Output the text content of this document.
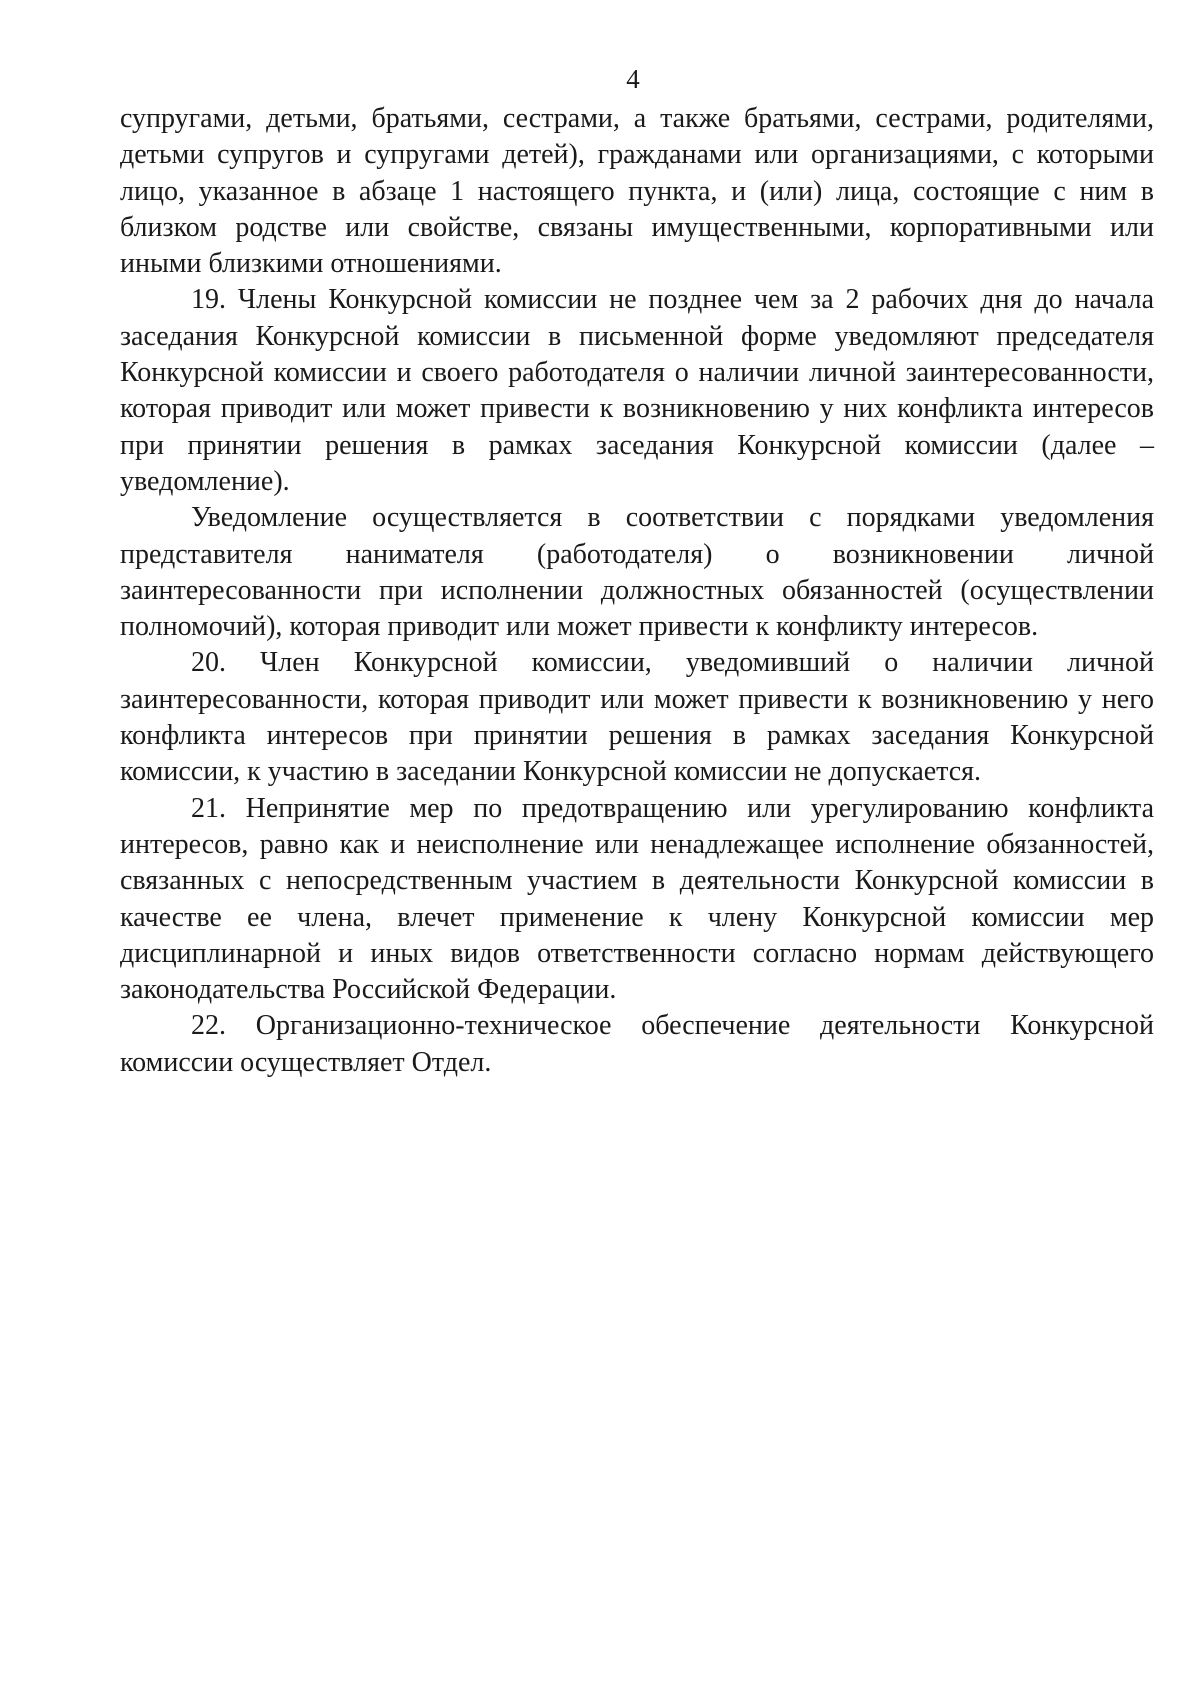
4

супругами, детьми, братьями, сестрами, а также братьями, сестрами, родителями, детьми супругов и супругами детей), гражданами или организациями, с которыми лицо, указанное в абзаце 1 настоящего пункта, и (или) лица, состоящие с ним в близком родстве или свойстве, связаны имущественными, корпоративными или иными близкими отношениями.

19. Члены Конкурсной комиссии не позднее чем за 2 рабочих дня до начала заседания Конкурсной комиссии в письменной форме уведомляют председателя Конкурсной комиссии и своего работодателя о наличии личной заинтересованности, которая приводит или может привести к возникновению у них конфликта интересов при принятии решения в рамках заседания Конкурсной комиссии (далее – уведомление).

Уведомление осуществляется в соответствии с порядками уведомления представителя нанимателя (работодателя) о возникновении личной заинтересованности при исполнении должностных обязанностей (осуществлении полномочий), которая приводит или может привести к конфликту интересов.

20. Член Конкурсной комиссии, уведомивший о наличии личной заинтересованности, которая приводит или может привести к возникновению у него конфликта интересов при принятии решения в рамках заседания Конкурсной комиссии, к участию в заседании Конкурсной комиссии не допускается.

21. Непринятие мер по предотвращению или урегулированию конфликта интересов, равно как и неисполнение или ненадлежащее исполнение обязанностей, связанных с непосредственным участием в деятельности Конкурсной комиссии в качестве ее члена, влечет применение к члену Конкурсной комиссии мер дисциплинарной и иных видов ответственности согласно нормам действующего законодательства Российской Федерации.

22. Организационно-техническое обеспечение деятельности Конкурсной комиссии осуществляет Отдел.
